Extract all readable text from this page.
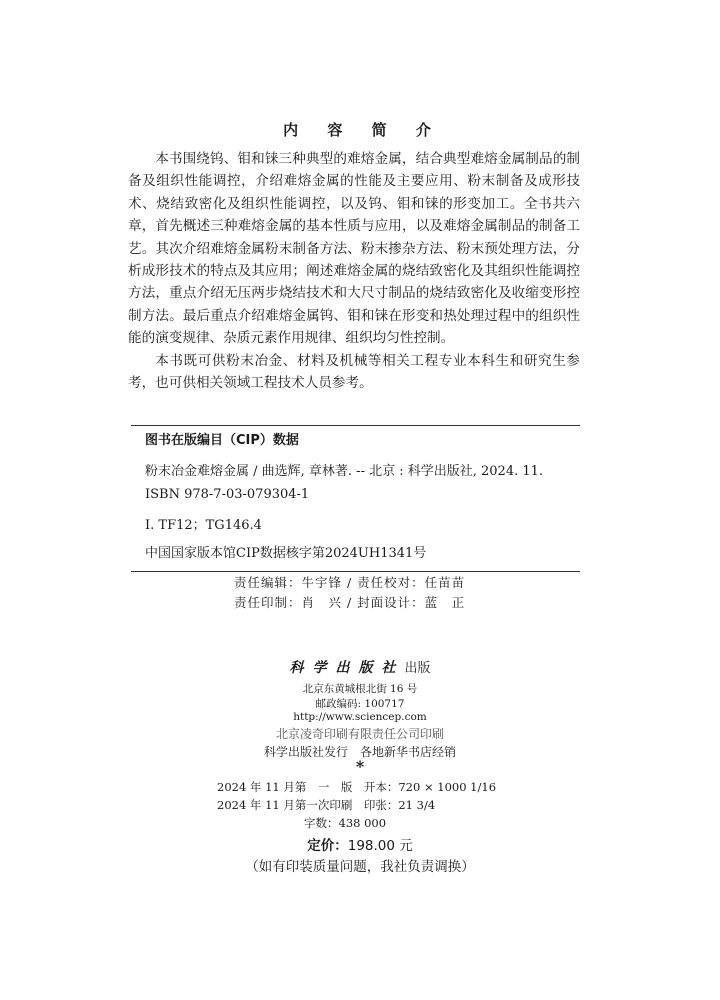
内 容 简 介

本书围绕钨、钼和铼三种典型的难熔金属，结合典型难熔金属制品的制备及组织性能调控，介绍难熔金属的性能及主要应用、粉末制备及成形技术、烧结致密化及组织性能调控，以及钨、钼和铼的形变加工。全书共六章，首先概述三种难熔金属的基本性质与应用，以及难熔金属制品的制备工艺。其次介绍难熔金属粉末制备方法、粉末掺杂方法、粉末预处理方法，分析成形技术的特点及其应用；阐述难熔金属的烧结致密化及其组织性能调控方法，重点介绍无压两步烧结技术和大尺寸制品的烧结致密化及收缩变形控制方法。最后重点介绍难熔金属钨、钼和铼在形变和热处理过程中的组织性能的演变规律、杂质元素作用规律、组织均匀性控制。

本书既可供粉末冶金、材料及机械等相关工程专业本科生和研究生参考，也可供相关领域工程技术人员参考。

图书在版编目（CIP）数据
粉末冶金难熔金属 / 曲选辉, 章林著. -- 北京 : 科学出版社, 2024. 11.
ISBN 978-7-03-079304-1
Ⅰ. TF12；TG146.4
中国国家版本馆CIP数据核字第2024UH1341号
责任编辑：牛宇锋 / 责任校对：任苗苗
责任印制：肖　兴 / 封面设计：蓝　正
科学出版社出版
北京东黄城根北街 16 号
邮政编码: 100717
http://www.sciencep.com
北京凌奇印刷有限责任公司印刷
科学出版社发行　各地新华书店经销
*
2024 年 11 月第　一　版　开本：720 × 1000 1/16
2024 年 11 月第一次印刷　印张：21 3/4
字数：438 000
定价：198.00 元
（如有印装质量问题，我社负责调换）
